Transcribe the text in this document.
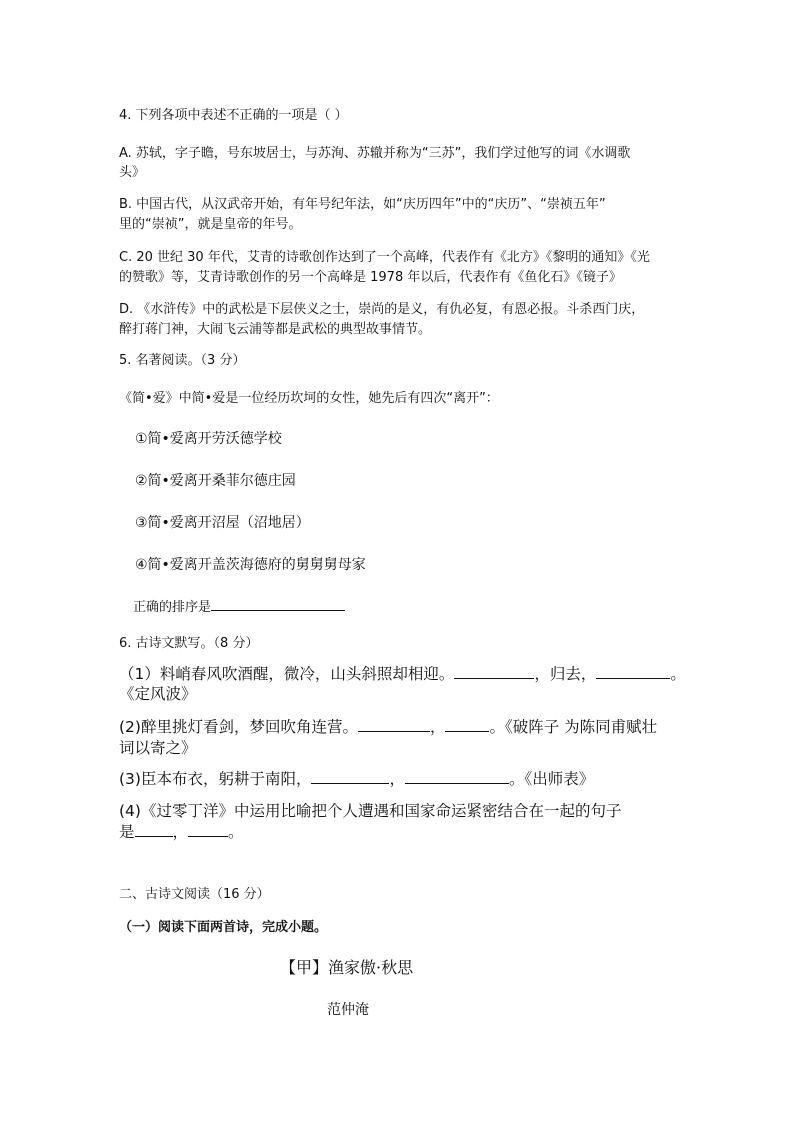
4. 下列各项中表述不正确的一项是（ ）
A. 苏轼，字子瞻，号东坡居士，与苏洵、苏辙并称为“三苏”，我们学过他写的词《水调歌
头》
B. 中国古代，从汉武帝开始，有年号纪年法，如“庆历四年”中的“庆历”、“崇祯五年”
里的“崇祯”，就是皇帝的年号。
C. 20 世纪 30 年代，艾青的诗歌创作达到了一个高峰，代表作有《北方》《黎明的通知》《光
的赞歌》等，艾青诗歌创作的另一个高峰是 1978 年以后，代表作有《鱼化石》《镜子》
D. 《水浒传》中的武松是下层侠义之士，崇尚的是义，有仇必复，有恩必报。斗杀西门庆，
醉打蒋门神，大闹飞云浦等都是武松的典型故事情节。
5. 名著阅读。（3 分）
《简•爱》中简•爱是一位经历坎坷的女性，她先后有四次“离开”：
①简•爱离开劳沃德学校
②简•爱离开桑菲尔德庄园
③简•爱离开沼屋（沼地居）
④简•爱离开盖茨海德府的舅舅舅母家
正确的排序是
6. 古诗文默写。（8 分）
（1）料峭春风吹酒醒，微冷，山头斜照却相迎。	，归去，	。
《定风波》
(2)醉里挑灯看剑，梦回吹角连营。	，	。《破阵子 为陈同甫赋壮
词以寄之》
(3)臣本布衣，躬耕于南阳，	，	。《出师表》
(4)《过零丁洋》中运用比喻把个人遭遇和国家命运紧密结合在一起的句子
是 ，	。
二、古诗文阅读（16 分）
（一）阅读下面两首诗，完成小题。
【甲】渔家傲·秋思
范仲淹
